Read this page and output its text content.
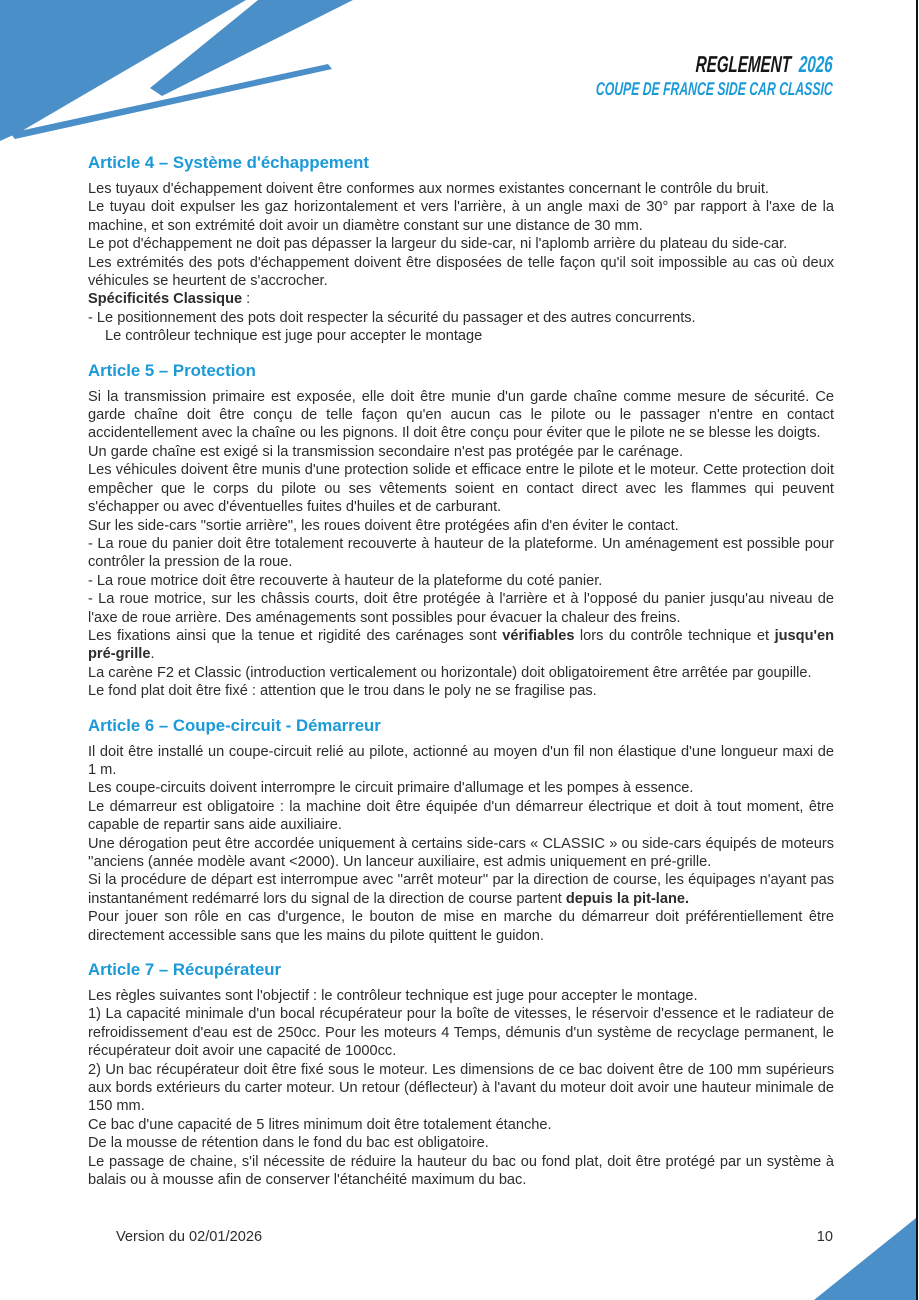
REGLEMENT 2026
COUPE DE FRANCE SIDE CAR CLASSIC
Article 4 – Système d'échappement

Les tuyaux d'échappement doivent être conformes aux normes existantes concernant le contrôle du bruit.

Le tuyau doit expulser les gaz horizontalement et vers l'arrière, à un angle maxi de 30° par rapport à l'axe de la machine, et son extrémité doit avoir un diamètre constant sur une distance de 30 mm.

Le pot d'échappement ne doit pas dépasser la largeur du side-car, ni l'aplomb arrière du plateau du side-car.

Les extrémités des pots d'échappement doivent être disposées de telle façon qu'il soit impossible au cas où deux véhicules se heurtent de s'accrocher.

Spécificités Classique :

- Le positionnement des pots doit respecter la sécurité du passager et des autres concurrents.

Le contrôleur technique est juge pour accepter le montage

Article 5 – Protection

Si la transmission primaire est exposée, elle doit être munie d'un garde chaîne comme mesure de sécurité. Ce garde chaîne doit être conçu de telle façon qu'en aucun cas le pilote ou le passager n'entre en contact accidentellement avec la chaîne ou les pignons. Il doit être conçu pour éviter que le pilote ne se blesse les doigts.

Un garde chaîne est exigé si la transmission secondaire n'est pas protégée par le carénage.

Les véhicules doivent être munis d'une protection solide et efficace entre le pilote et le moteur. Cette protection doit empêcher que le corps du pilote ou ses vêtements soient en contact direct avec les flammes qui peuvent s'échapper ou avec d'éventuelles fuites d'huiles et de carburant.

Sur les side-cars "sortie arrière", les roues doivent être protégées afin d'en éviter le contact.

- La roue du panier doit être totalement recouverte à hauteur de la plateforme. Un aménagement est possible pour contrôler la pression de la roue.

- La roue motrice doit être recouverte à hauteur de la plateforme du coté panier.

- La roue motrice, sur les châssis courts, doit être protégée à l'arrière et à l'opposé du panier jusqu'au niveau de l'axe de roue arrière. Des aménagements sont possibles pour évacuer la chaleur des freins.

Les fixations ainsi que la tenue et rigidité des carénages sont vérifiables lors du contrôle technique et jusqu'en pré-grille.

La carène F2 et Classic (introduction verticalement ou horizontale) doit obligatoirement être arrêtée par goupille.

Le fond plat doit être fixé : attention que le trou dans le poly ne se fragilise pas.

Article 6 – Coupe-circuit - Démarreur

Il doit être installé un coupe-circuit relié au pilote, actionné au moyen d'un fil non élastique d'une longueur maxi de 1 m.

Les coupe-circuits doivent interrompre le circuit primaire d'allumage et les pompes à essence.

Le démarreur est obligatoire : la machine doit être équipée d'un démarreur électrique et doit à tout moment, être capable de repartir sans aide auxiliaire.

Une dérogation peut être accordée uniquement à certains side-cars « CLASSIC » ou side-cars équipés de moteurs ''anciens (année modèle avant <2000). Un lanceur auxiliaire, est admis uniquement en pré-grille.

Si la procédure de départ est interrompue avec ''arrêt moteur'' par la direction de course, les équipages n'ayant pas instantanément redémarré lors du signal de la direction de course partent depuis la pit-lane.

Pour jouer son rôle en cas d'urgence, le bouton de mise en marche du démarreur doit préférentiellement être directement accessible sans que les mains du pilote quittent le guidon.

Article 7 – Récupérateur

Les règles suivantes sont l'objectif : le contrôleur technique est juge pour accepter le montage.

1) La capacité minimale d'un bocal récupérateur pour la boîte de vitesses, le réservoir d'essence et le radiateur de refroidissement d'eau est de 250cc. Pour les moteurs 4 Temps, démunis d'un système de recyclage permanent, le récupérateur doit avoir une capacité de 1000cc.

2) Un bac récupérateur doit être fixé sous le moteur. Les dimensions de ce bac doivent être de 100 mm supérieurs aux bords extérieurs du carter moteur. Un retour (déflecteur) à l'avant du moteur doit avoir une hauteur minimale de 150 mm.

Ce bac d'une capacité de 5 litres minimum doit être totalement étanche.

De la mousse de rétention dans le fond du bac est obligatoire.

Le passage de chaine, s'il nécessite de réduire la hauteur du bac ou fond plat, doit être protégé par un système à balais ou à mousse afin de conserver l'étanchéité maximum du bac.

Version du 02/01/2026	10
